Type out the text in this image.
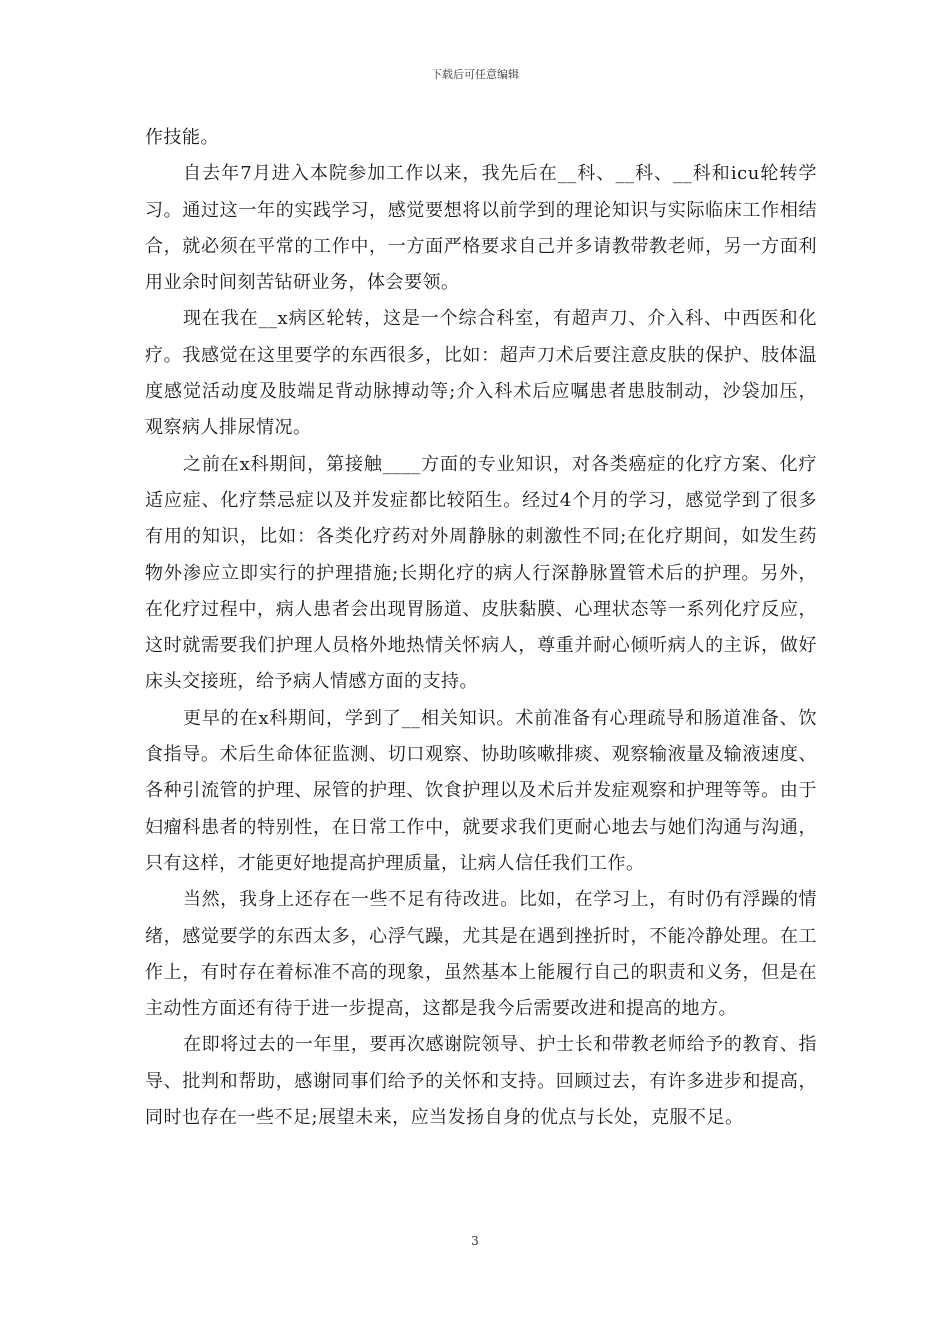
下载后可任意编辑

作技能。

自去年7月进入本院参加工作以来，我先后在__科、__科、__科和icu轮转学习。通过这一年的实践学习，感觉要想将以前学到的理论知识与实际临床工作相结合，就必须在平常的工作中，一方面严格要求自己并多请教带教老师，另一方面利用业余时间刻苦钻研业务，体会要领。

现在我在__x病区轮转，这是一个综合科室，有超声刀、介入科、中西医和化疗。我感觉在这里要学的东西很多，比如：超声刀术后要注意皮肤的保护、肢体温度感觉活动度及肢端足背动脉搏动等;介入科术后应嘱患者患肢制动，沙袋加压，观察病人排尿情况。

之前在x科期间，第接触____方面的专业知识，对各类癌症的化疗方案、化疗适应症、化疗禁忌症以及并发症都比较陌生。经过4个月的学习，感觉学到了很多有用的知识，比如：各类化疗药对外周静脉的刺激性不同;在化疗期间，如发生药物外渗应立即实行的护理措施;长期化疗的病人行深静脉置管术后的护理。另外，在化疗过程中，病人患者会出现胃肠道、皮肤黏膜、心理状态等一系列化疗反应，这时就需要我们护理人员格外地热情关怀病人，尊重并耐心倾听病人的主诉，做好床头交接班，给予病人情感方面的支持。

更早的在x科期间，学到了__相关知识。术前准备有心理疏导和肠道准备、饮食指导。术后生命体征监测、切口观察、协助咳嗽排痰、观察输液量及输液速度、各种引流管的护理、尿管的护理、饮食护理以及术后并发症观察和护理等等。由于妇瘤科患者的特别性，在日常工作中，就要求我们更耐心地去与她们沟通与沟通，只有这样，才能更好地提高护理质量，让病人信任我们工作。

当然，我身上还存在一些不足有待改进。比如，在学习上，有时仍有浮躁的情绪，感觉要学的东西太多，心浮气躁，尤其是在遇到挫折时，不能冷静处理。在工作上，有时存在着标准不高的现象，虽然基本上能履行自己的职责和义务，但是在主动性方面还有待于进一步提高，这都是我今后需要改进和提高的地方。

在即将过去的一年里，要再次感谢院领导、护士长和带教老师给予的教育、指导、批判和帮助，感谢同事们给予的关怀和支持。回顾过去，有许多进步和提高，同时也存在一些不足;展望未来，应当发扬自身的优点与长处，克服不足。

3
